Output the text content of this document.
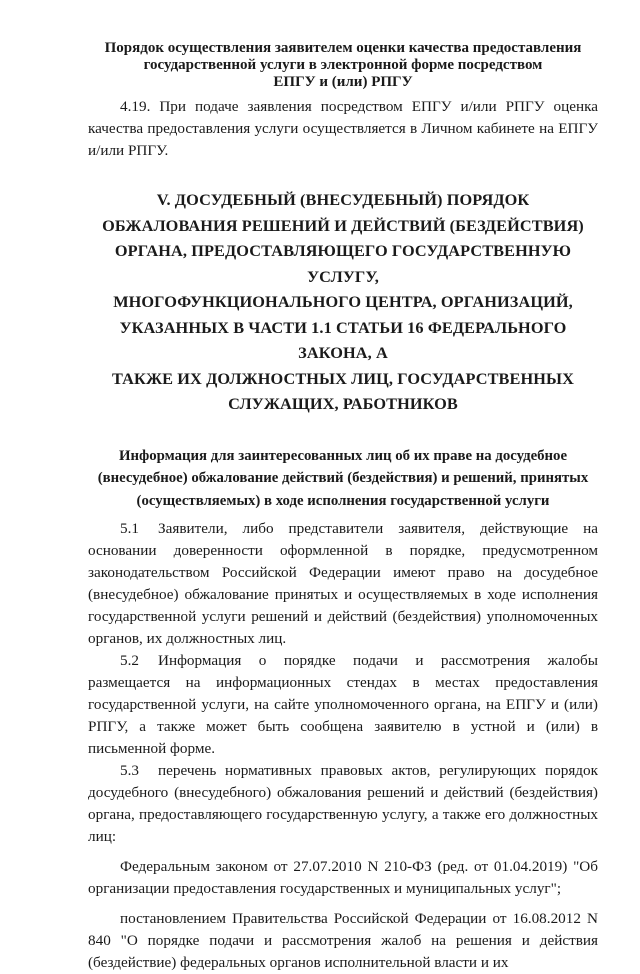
Порядок осуществления заявителем оценки качества предоставления
государственной услуги в электронной форме посредством
ЕПГУ и (или) РПГУ

4.19. При подаче заявления посредством ЕПГУ и/или РПГУ оценка качества предоставления услуги осуществляется в Личном кабинете на ЕПГУ и/или РПГУ.

V. ДОСУДЕБНЫЙ (ВНЕСУДЕБНЫЙ) ПОРЯДОК
ОБЖАЛОВАНИЯ РЕШЕНИЙ И ДЕЙСТВИЙ (БЕЗДЕЙСТВИЯ)
ОРГАНА, ПРЕДОСТАВЛЯЮЩЕГО ГОСУДАРСТВЕННУЮ УСЛУГУ,
МНОГОФУНКЦИОНАЛЬНОГО ЦЕНТРА, ОРГАНИЗАЦИЙ,
УКАЗАННЫХ В ЧАСТИ 1.1 СТАТЬИ 16 ФЕДЕРАЛЬНОГО ЗАКОНА, А
ТАКЖЕ ИХ ДОЛЖНОСТНЫХ ЛИЦ, ГОСУДАРСТВЕННЫХ
СЛУЖАЩИХ, РАБОТНИКОВ
Информация для заинтересованных лиц об их праве на досудебное
(внесудебное) обжалование действий (бездействия) и решений, принятых
(осуществляемых) в ходе исполнения государственной услуги

5.1 Заявители, либо представители заявителя, действующие на основании доверенности оформленной в порядке, предусмотренном законодательством Российской Федерации имеют право на досудебное (внесудебное) обжалование принятых и осуществляемых в ходе исполнения государственной услуги решений и действий (бездействия) уполномоченных органов, их должностных лиц.

5.2 Информация о порядке подачи и рассмотрения жалобы размещается на информационных стендах в местах предоставления государственной услуги, на сайте уполномоченного органа, на ЕПГУ и (или) РПГУ, а также может быть сообщена заявителю в устной и (или) в письменной форме.

5.3 перечень нормативных правовых актов, регулирующих порядок досудебного (внесудебного) обжалования решений и действий (бездействия) органа, предоставляющего государственную услугу, а также его должностных лиц:

Федеральным законом от 27.07.2010 N 210-ФЗ (ред. от 01.04.2019) "Об организации предоставления государственных и муниципальных услуг";

постановлением Правительства Российской Федерации от 16.08.2012 N 840 "О порядке подачи и рассмотрения жалоб на решения и действия (бездействие) федеральных органов исполнительной власти и их
